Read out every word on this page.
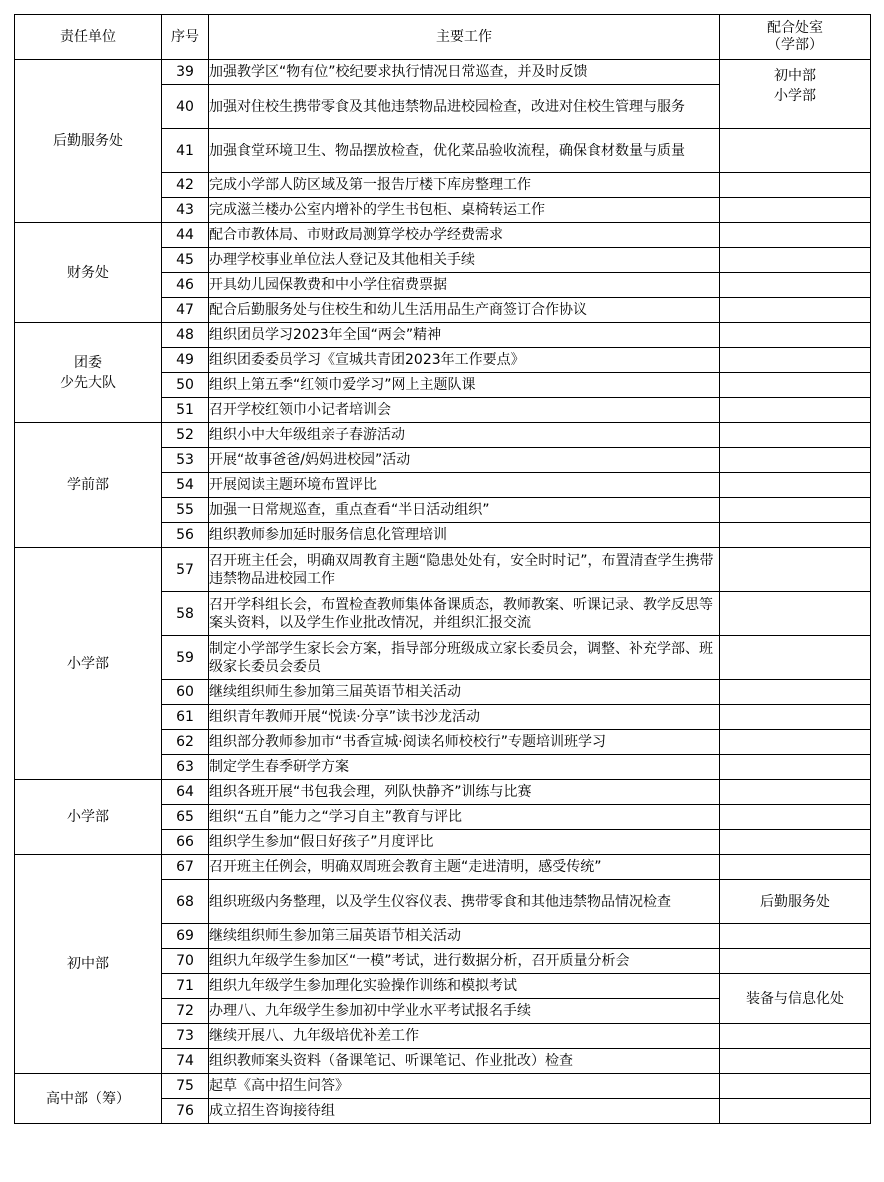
责任单位	序号	主要工作	配合处室
（学部）
后勤服务处	39	加强教学区“物有位”校纪要求执行情况日常巡查，并及时反馈	初中部
小学部
	40	加强对住校生携带零食及其他违禁物品进校园检查，改进对住校生管理与服务	
	41	加强食堂环境卫生、物品摆放检查，优化菜品验收流程，确保食材数量与质量	
	42	完成小学部人防区域及第一报告厅楼下库房整理工作	
	43	完成滋兰楼办公室内增补的学生书包柜、桌椅转运工作	
财务处	44	配合市教体局、市财政局测算学校办学经费需求	
	45	办理学校事业单位法人登记及其他相关手续	
	46	开具幼儿园保教费和中小学住宿费票据	
	47	配合后勤服务处与住校生和幼儿生活用品生产商签订合作协议	
团委
少先大队	48	组织团员学习2023年全国“两会”精神	
	49	组织团委委员学习《宣城共青团2023年工作要点》	
	50	组织上第五季“红领巾爱学习”网上主题队课	
	51	召开学校红领巾小记者培训会	
学前部	52	组织小中大年级组亲子春游活动	
	53	开展“故事爸爸/妈妈进校园”活动	
	54	开展阅读主题环境布置评比	
	55	加强一日常规巡查，重点查看“半日活动组织”	
	56	组织教师参加延时服务信息化管理培训	
小学部	57	召开班主任会，明确双周教育主题“隐患处处有，安全时时记”，布置清查学生携带违禁物品进校园工作	
	58	召开学科组长会，布置检查教师集体备课质态，教师教案、听课记录、教学反思等案头资料，以及学生作业批改情况，并组织汇报交流	
	59	制定小学部学生家长会方案，指导部分班级成立家长委员会，调整、补充学部、班级家长委员会委员	
	60	继续组织师生参加第三届英语节相关活动	
	61	组织青年教师开展“悦读·分享”读书沙龙活动	
	62	组织部分教师参加市“书香宣城·阅读名师校校行”专题培训班学习	
	63	制定学生春季研学方案	
小学部	64	组织各班开展“书包我会理，列队快静齐”训练与比赛	
	65	组织“五自”能力之“学习自主”教育与评比	
	66	组织学生参加“假日好孩子”月度评比	
初中部	67	召开班主任例会，明确双周班会教育主题“走进清明，感受传统”	
	68	组织班级内务整理，以及学生仪容仪表、携带零食和其他违禁物品情况检查	后勤服务处
	69	继续组织师生参加第三届英语节相关活动	
	70	组织九年级学生参加区“一模”考试，进行数据分析，召开质量分析会	
	71	组织九年级学生参加理化实验操作训练和模拟考试	装备与信息化处
	72	办理八、九年级学生参加初中学业水平考试报名手续	
	73	继续开展八、九年级培优补差工作	
	74	组织教师案头资料（备课笔记、听课笔记、作业批改）检查	
高中部（筹）	75	起草《高中招生问答》	
	76	成立招生咨询接待组	
